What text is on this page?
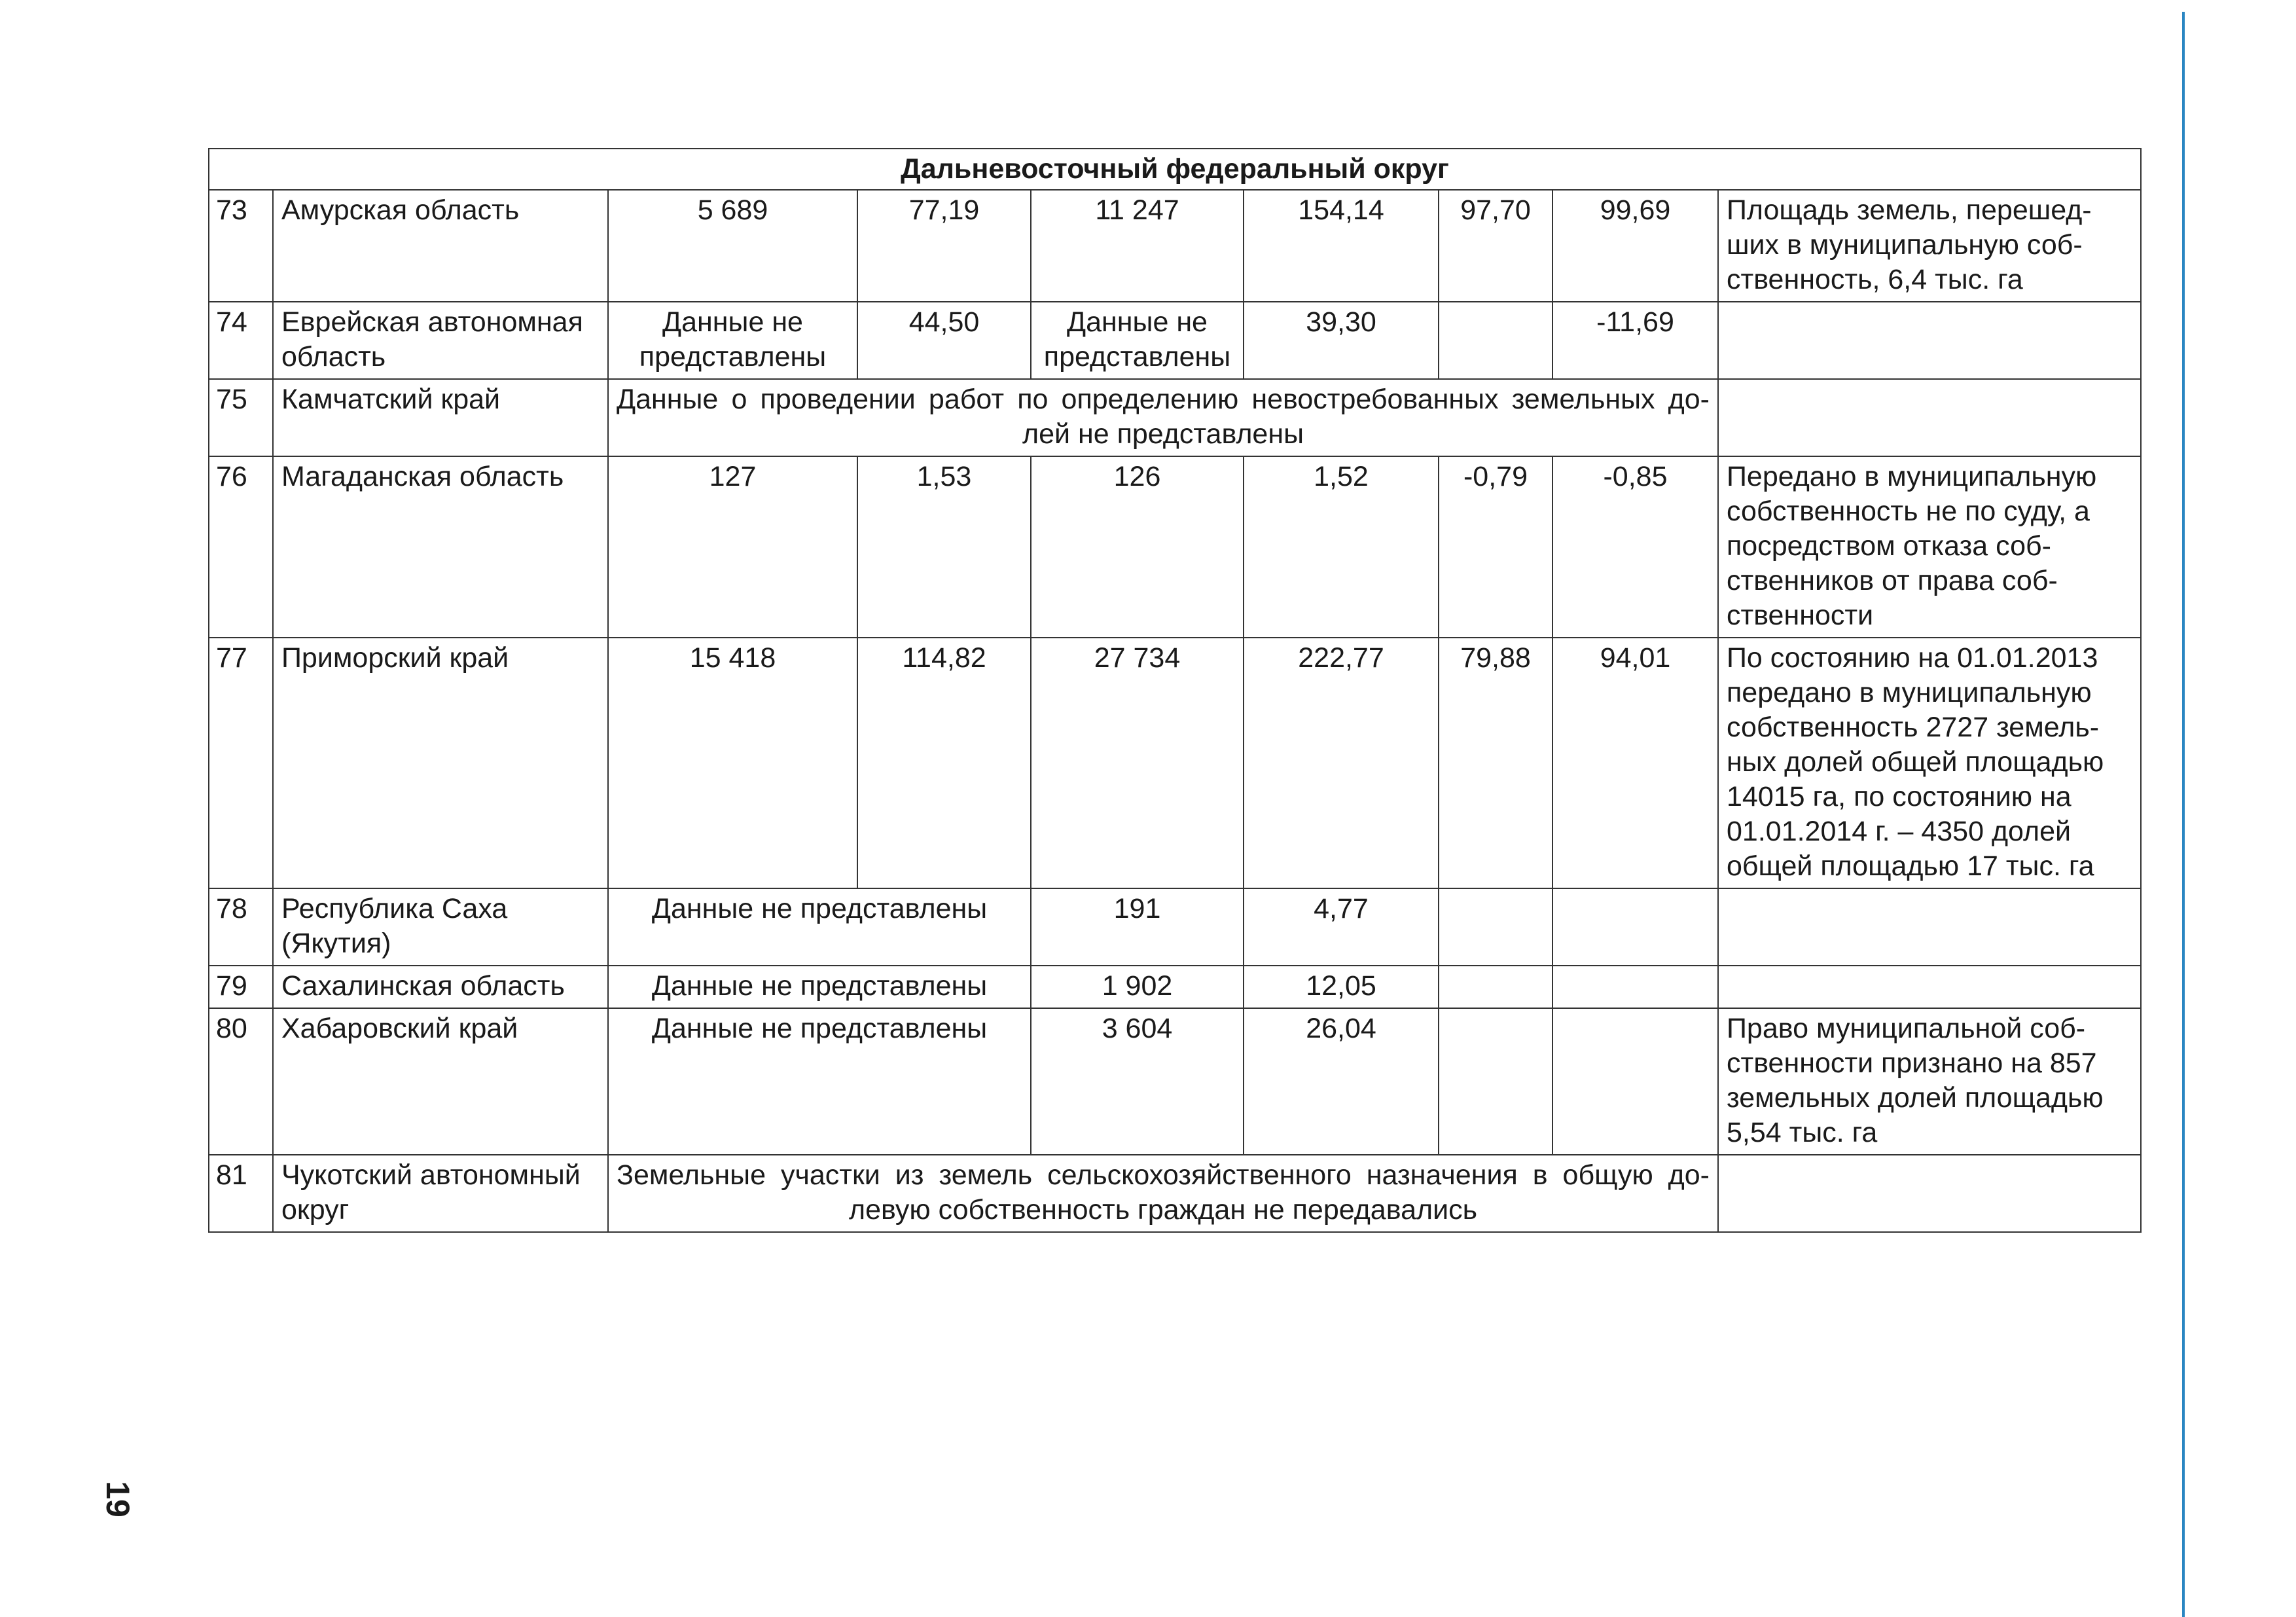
Дальневосточный федеральный округ								
73	Амурская область	5 689	77,19	11 247	154,14	97,70	99,69	Площадь земель, перешед-ших в муниципальную соб-ственность, 6,4 тыс. га
74	Еврейская автономная область	Данные не представлены	44,50	Данные не представлены	39,30		-11,69	
75	Камчатский край	Данные о проведении работ по определению невостребованных земельных до-лей не представлены						
76	Магаданская область	127	1,53	126	1,52	-0,79	-0,85	Передано в муниципальную собственность не по суду, а посредством отказа соб-ственников от права соб-ственности
77	Приморский край	15 418	114,82	27 734	222,77	79,88	94,01	По состоянию на 01.01.2013 передано в муниципальную собственность 2727 земель-ных долей общей площадью 14015 га, по состоянию на 01.01.2014 г. – 4350 долей общей площадью 17 тыс. га
78	Республика Саха (Якутия)	Данные не представлены		191	4,77			
79	Сахалинская область	Данные не представлены		1 902	12,05			
80	Хабаровский край	Данные не представлены		3 604	26,04			Право муниципальной соб-ственности признано на 857 земельных долей площадью 5,54 тыс. га
81	Чукотский автономный округ	Земельные участки из земель сельскохозяйственного назначения в общую до-левую собственность граждан не передавались						
19
